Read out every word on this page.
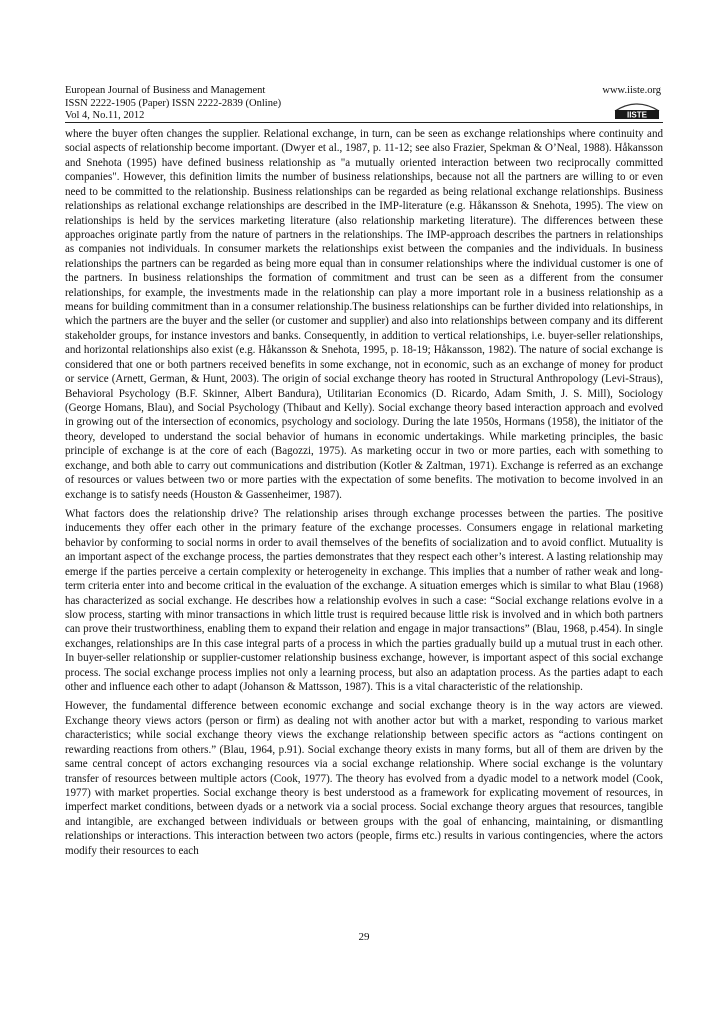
European Journal of Business and Management
ISSN 2222-1905 (Paper) ISSN 2222-2839 (Online)
Vol 4, No.11, 2012
www.iiste.org
IISTE

where the buyer often changes the supplier. Relational exchange, in turn, can be seen as exchange relationships where continuity and social aspects of relationship become important. (Dwyer et al., 1987, p. 11-12; see also Frazier, Spekman & O’Neal, 1988). Håkansson and Snehota (1995) have defined business relationship as "a mutually oriented interaction between two reciprocally committed companies". However, this definition limits the number of business relationships, because not all the partners are willing to or even need to be committed to the relationship. Business relationships can be regarded as being relational exchange relationships. Business relationships as relational exchange relationships are described in the IMP-literature (e.g. Håkansson & Snehota, 1995). The view on relationships is held by the services marketing literature (also relationship marketing literature). The differences between these approaches originate partly from the nature of partners in the relationships. The IMP-approach describes the partners in relationships as companies not individuals. In consumer markets the relationships exist between the companies and the individuals. In business relationships the partners can be regarded as being more equal than in consumer relationships where the individual customer is one of the partners. In business relationships the formation of commitment and trust can be seen as a different from the consumer relationships, for example, the investments made in the relationship can play a more important role in a business relationship as a means for building commitment than in a consumer relationship.The business relationships can be further divided into relationships, in which the partners are the buyer and the seller (or customer and supplier) and also into relationships between company and its different stakeholder groups, for instance investors and banks. Consequently, in addition to vertical relationships, i.e. buyer-seller relationships, and horizontal relationships also exist (e.g. Håkansson & Snehota, 1995, p. 18-19; Håkansson, 1982). The nature of social exchange is considered that one or both partners received benefits in some exchange, not in economic, such as an exchange of money for product or service (Arnett, German, & Hunt, 2003). The origin of social exchange theory has rooted in Structural Anthropology (Levi-Straus), Behavioral Psychology (B.F. Skinner, Albert Bandura), Utilitarian Economics (D. Ricardo, Adam Smith, J. S. Mill), Sociology (George Homans, Blau), and Social Psychology (Thibaut and Kelly). Social exchange theory based interaction approach and evolved in growing out of the intersection of economics, psychology and sociology. During the late 1950s, Hormans (1958), the initiator of the theory, developed to understand the social behavior of humans in economic undertakings. While marketing principles, the basic principle of exchange is at the core of each (Bagozzi, 1975). As marketing occur in two or more parties, each with something to exchange, and both able to carry out communications and distribution (Kotler & Zaltman, 1971). Exchange is referred as an exchange of resources or values between two or more parties with the expectation of some benefits. The motivation to become involved in an exchange is to satisfy needs (Houston & Gassenheimer, 1987).

What factors does the relationship drive? The relationship arises through exchange processes between the parties. The positive inducements they offer each other in the primary feature of the exchange processes. Consumers engage in relational marketing behavior by conforming to social norms in order to avail themselves of the benefits of socialization and to avoid conflict. Mutuality is an important aspect of the exchange process, the parties demonstrates that they respect each other’s interest. A lasting relationship may emerge if the parties perceive a certain complexity or heterogeneity in exchange. This implies that a number of rather weak and long-term criteria enter into and become critical in the evaluation of the exchange. A situation emerges which is similar to what Blau (1968) has characterized as social exchange. He describes how a relationship evolves in such a case: “Social exchange relations evolve in a slow process, starting with minor transactions in which little trust is required because little risk is involved and in which both partners can prove their trustworthiness, enabling them to expand their relation and engage in major transactions” (Blau, 1968, p.454). In single exchanges, relationships are In this case integral parts of a process in which the parties gradually build up a mutual trust in each other. In buyer-seller relationship or supplier-customer relationship business exchange, however, is important aspect of this social exchange process. The social exchange process implies not only a learning process, but also an adaptation process. As the parties adapt to each other and influence each other to adapt (Johanson & Mattsson, 1987). This is a vital characteristic of the relationship.

However, the fundamental difference between economic exchange and social exchange theory is in the way actors are viewed. Exchange theory views actors (person or firm) as dealing not with another actor but with a market, responding to various market characteristics; while social exchange theory views the exchange relationship between specific actors as “actions contingent on rewarding reactions from others.” (Blau, 1964, p.91). Social exchange theory exists in many forms, but all of them are driven by the same central concept of actors exchanging resources via a social exchange relationship. Where social exchange is the voluntary transfer of resources between multiple actors (Cook, 1977). The theory has evolved from a dyadic model to a network model (Cook, 1977) with market properties. Social exchange theory is best understood as a framework for explicating movement of resources, in imperfect market conditions, between dyads or a network via a social process. Social exchange theory argues that resources, tangible and intangible, are exchanged between individuals or between groups with the goal of enhancing, maintaining, or dismantling relationships or interactions. This interaction between two actors (people, firms etc.) results in various contingencies, where the actors modify their resources to each

29
